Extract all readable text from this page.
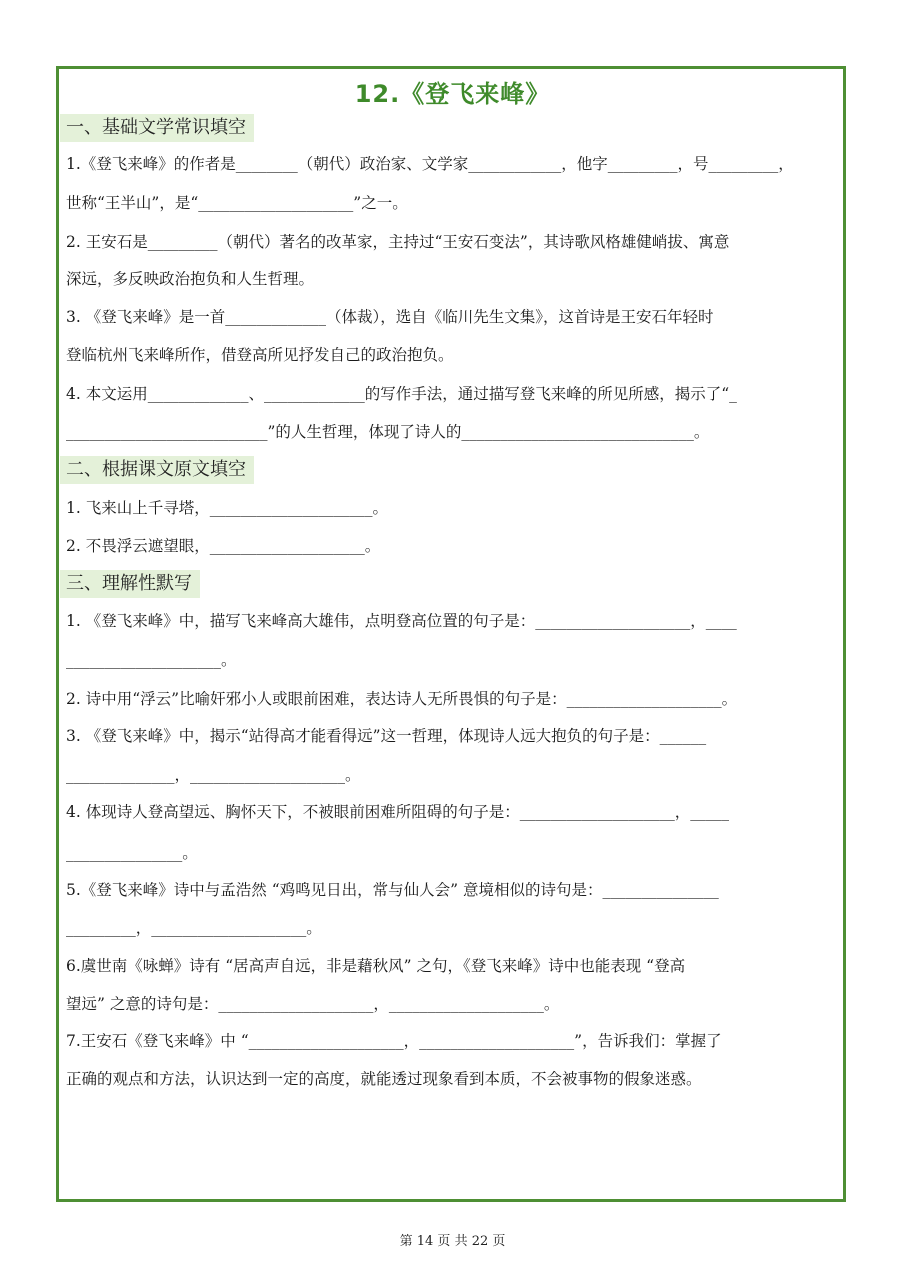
12.《登飞来峰》
一、基础文学常识填空
1.《登飞来峰》的作者是________（朝代）政治家、文学家____________，他字_________，号_________，
世称“王半山”，是“____________________”之一。
2. 王安石是_________（朝代）著名的改革家，主持过“王安石变法”，其诗歌风格雄健峭拔、寓意
深远，多反映政治抱负和人生哲理。
3. 《登飞来峰》是一首_____________（体裁），选自《临川先生文集》，这首诗是王安石年轻时
登临杭州飞来峰所作，借登高所见抒发自己的政治抱负。
4. 本文运用_____________、_____________的写作手法，通过描写登飞来峰的所见所感，揭示了“_
__________________________”的人生哲理，体现了诗人的______________________________。
二、根据课文原文填空
1. 飞来山上千寻塔，_____________________。
2. 不畏浮云遮望眼，____________________。
三、理解性默写
1. 《登飞来峰》中，描写飞来峰高大雄伟，点明登高位置的句子是：____________________，____
____________________。
2. 诗中用“浮云”比喻奸邪小人或眼前困难，表达诗人无所畏惧的句子是：____________________。
3. 《登飞来峰》中，揭示“站得高才能看得远”这一哲理，体现诗人远大抱负的句子是：______
______________，____________________。
4. 体现诗人登高望远、胸怀天下，不被眼前困难所阻碍的句子是：____________________，_____
_______________。
5.《登飞来峰》诗中与孟浩然 “鸡鸣见日出，常与仙人会” 意境相似的诗句是：_______________
_________，____________________。
6.虞世南《咏蝉》诗有 “居高声自远，非是藉秋风” 之句，《登飞来峰》诗中也能表现 “登高
望远” 之意的诗句是：____________________，____________________。
7.王安石《登飞来峰》中 “____________________，____________________”，告诉我们：掌握了
正确的观点和方法，认识达到一定的高度，就能透过现象看到本质，不会被事物的假象迷惑。
第 14 页 共 22 页
